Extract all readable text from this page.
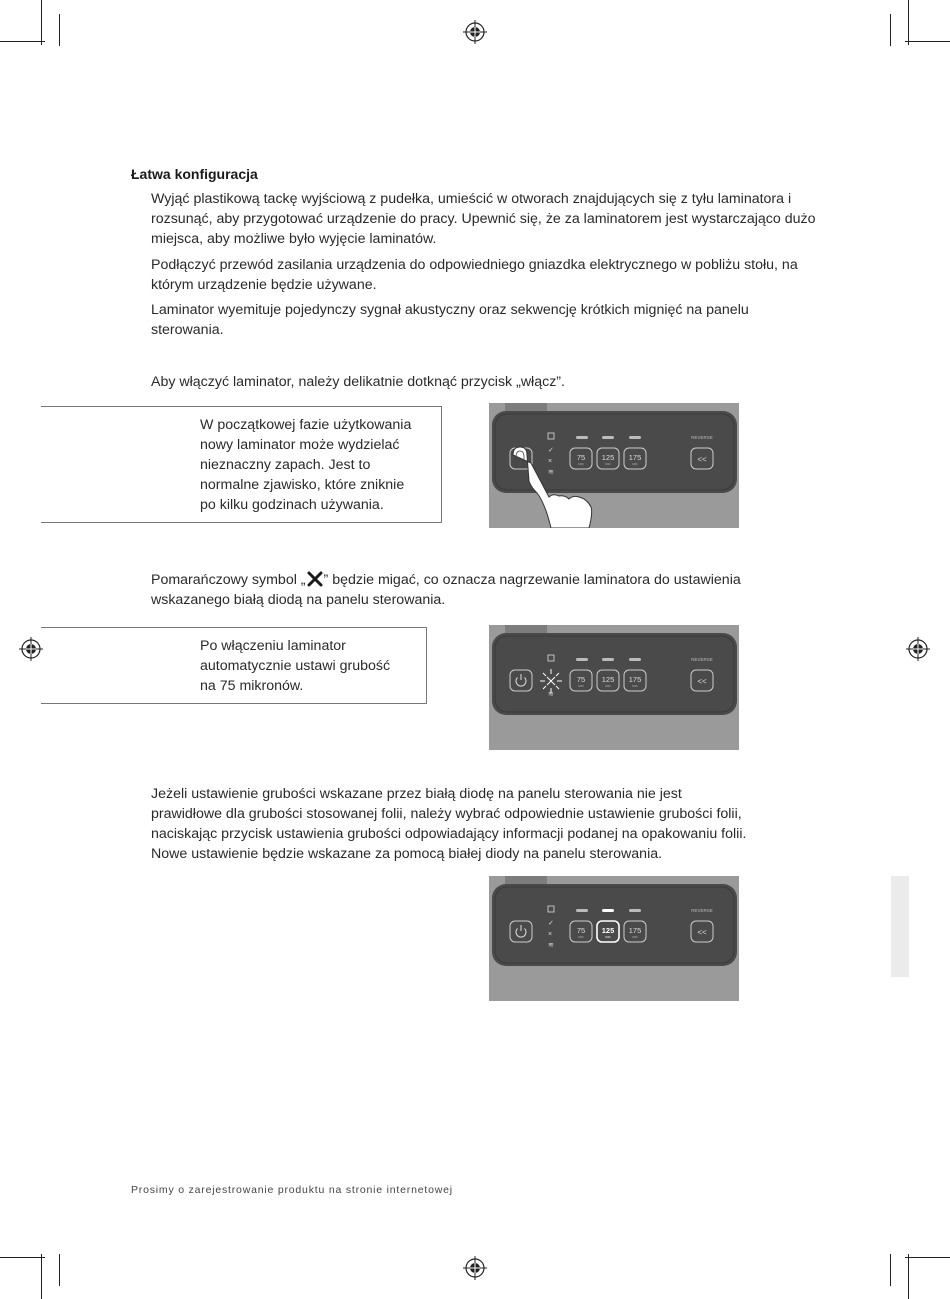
Łatwa konfiguracja

Wyjąć plastikową tackę wyjściową z pudełka, umieścić w otworach znajdujących się z tyłu laminatora i rozsunąć, aby przygotować urządzenie do pracy. Upewnić się, że za laminatorem jest wystarczająco dużo miejsca, aby możliwe było wyjęcie laminatów.

Podłączyć przewód zasilania urządzenia do odpowiedniego gniazdka elektrycznego w pobliżu stołu, na którym urządzenie będzie używane.

Laminator wyemituje pojedynczy sygnał akustyczny oraz sekwencję krótkich mignięć na panelu sterowania.

Aby włączyć laminator, należy delikatnie dotknąć przycisk „włącz”.
W początkowej fazie użytkowania
nowy laminator może wydzielać
nieznaczny zapach. Jest to
normalne zjawisko, które zniknie
po kilku godzinach używania.
✓
×
≋
75 125 175
MIC	MIC	MIC
REVERSE
<<
Pomarańczowy symbol „ ” będzie migać, co oznacza nagrzewanie laminatora do ustawienia
wskazanego białą diodą na panelu sterowania.
Po włączeniu laminator
automatycznie ustawi grubość
na 75 mikronów.
≋
75 125 175
MIC	MIC	MIC
REVERSE
<<
Jeżeli ustawienie grubości wskazane przez białą diodę na panelu sterowania nie jest
prawidłowe dla grubości stosowanej folii, należy wybrać odpowiednie ustawienie grubości folii,
naciskając przycisk ustawienia grubości odpowiadający informacji podanej na opakowaniu folii.
Nowe ustawienie będzie wskazane za pomocą białej diody na panelu sterowania.
✓
×
≋
75 125 175
MIC	MIC	MIC
REVERSE
<<
Prosimy o zarejestrowanie produktu na stronie internetowej
